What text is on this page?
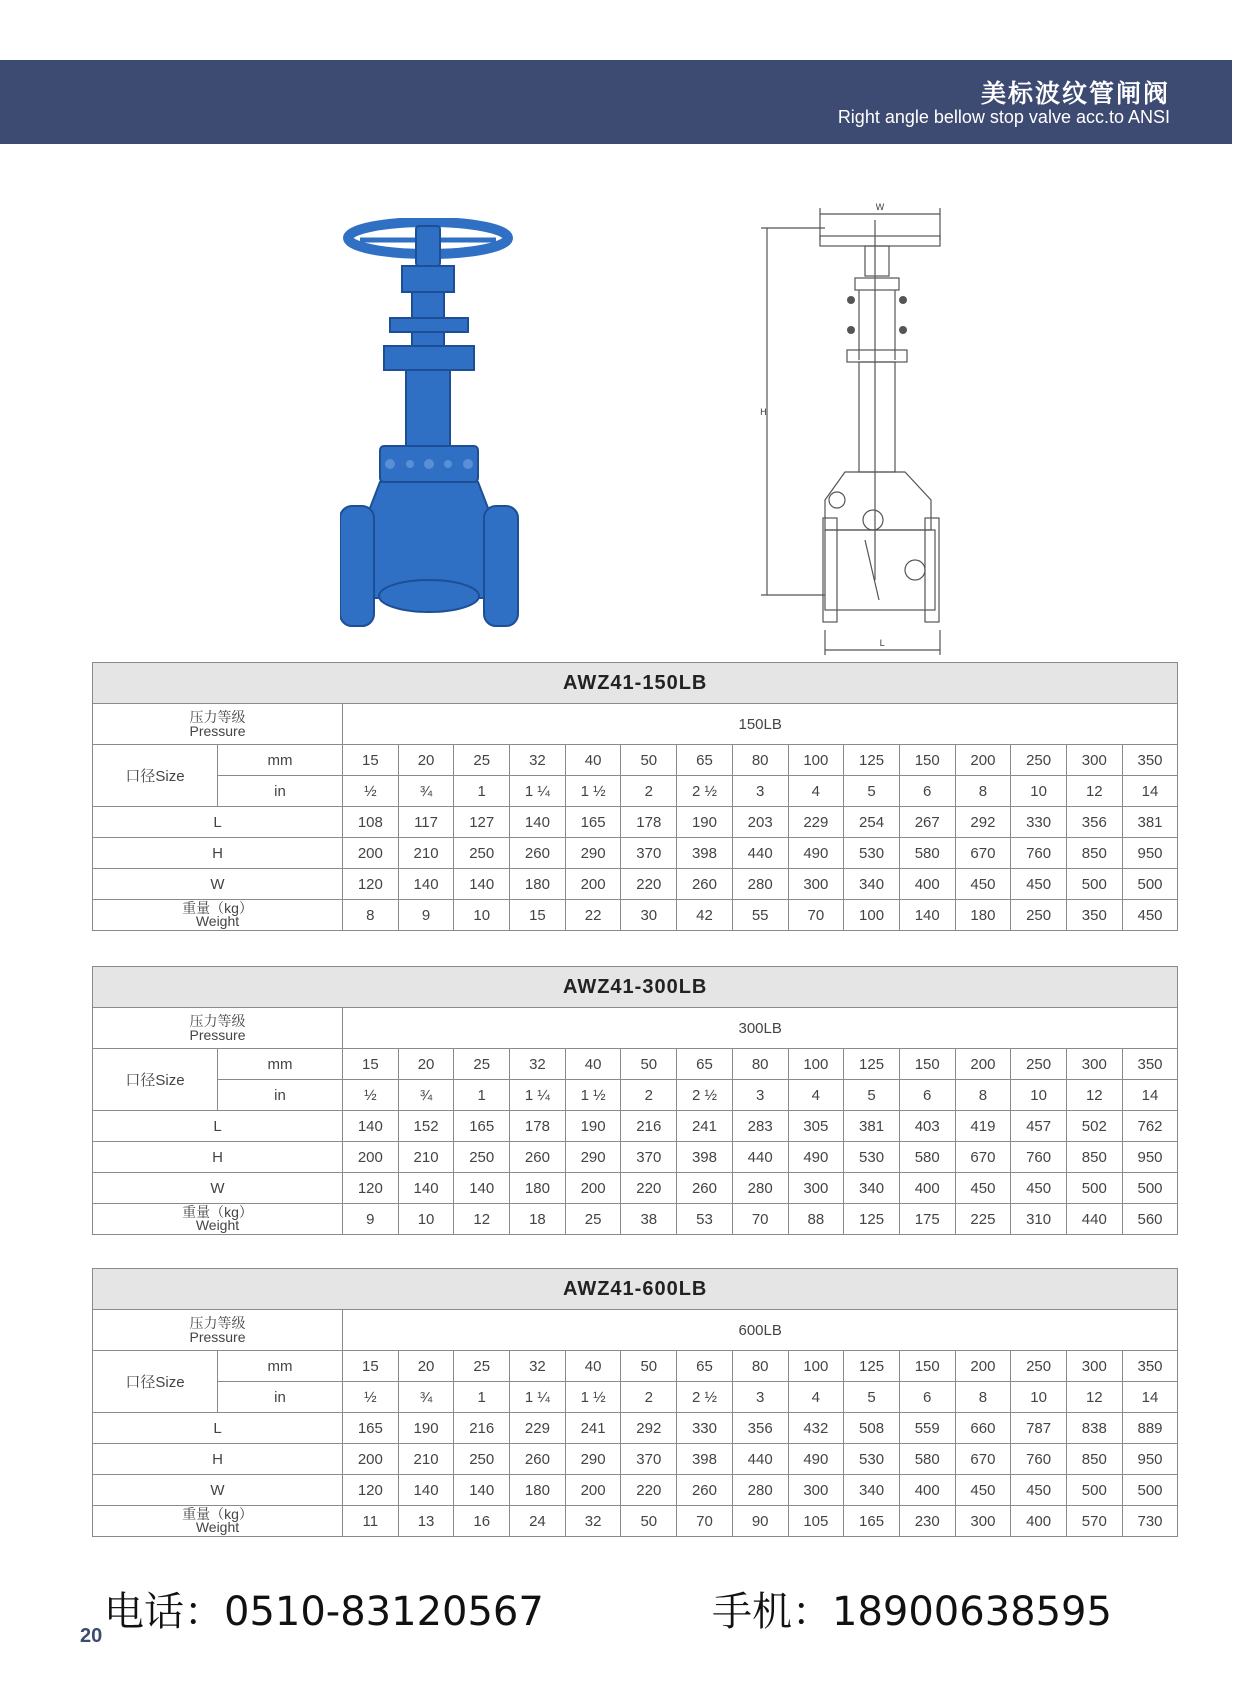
美标波纹管闸阀
Right angle bellow stop valve acc.to ANSI
W
H
L
AWZ41-150LB																

压力等级
Pressure		150LB														
口径Size	mm	15	20	25	32	40	50	65	80	100	125	150	200	250	300	350
	in	½	¾	1	1 ¼	1 ½	2	2 ½	3	4	5	6	8	10	12	14
L		108	117	127	140	165	178	190	203	229	254	267	292	330	356	381
H		200	210	250	260	290	370	398	440	490	530	580	670	760	850	950
W		120	140	140	180	200	220	260	280	300	340	400	450	450	500	500

重量（kg）
Weight		8	9	10	15	22	30	42	55	70	100	140	180	250	350	450
AWZ41-300LB																

压力等级
Pressure		300LB														
口径Size	mm	15	20	25	32	40	50	65	80	100	125	150	200	250	300	350
	in	½	¾	1	1 ¼	1 ½	2	2 ½	3	4	5	6	8	10	12	14
L		140	152	165	178	190	216	241	283	305	381	403	419	457	502	762
H		200	210	250	260	290	370	398	440	490	530	580	670	760	850	950
W		120	140	140	180	200	220	260	280	300	340	400	450	450	500	500

重量（kg）
Weight		9	10	12	18	25	38	53	70	88	125	175	225	310	440	560
AWZ41-600LB																

压力等级
Pressure		600LB														
口径Size	mm	15	20	25	32	40	50	65	80	100	125	150	200	250	300	350
	in	½	¾	1	1 ¼	1 ½	2	2 ½	3	4	5	6	8	10	12	14
L		165	190	216	229	241	292	330	356	432	508	559	660	787	838	889
H		200	210	250	260	290	370	398	440	490	530	580	670	760	850	950
W		120	140	140	180	200	220	260	280	300	340	400	450	450	500	500

重量（kg）
Weight		11	13	16	24	32	50	70	90	105	165	230	300	400	570	730
20
电话：0510-83120567	手机：18900638595
